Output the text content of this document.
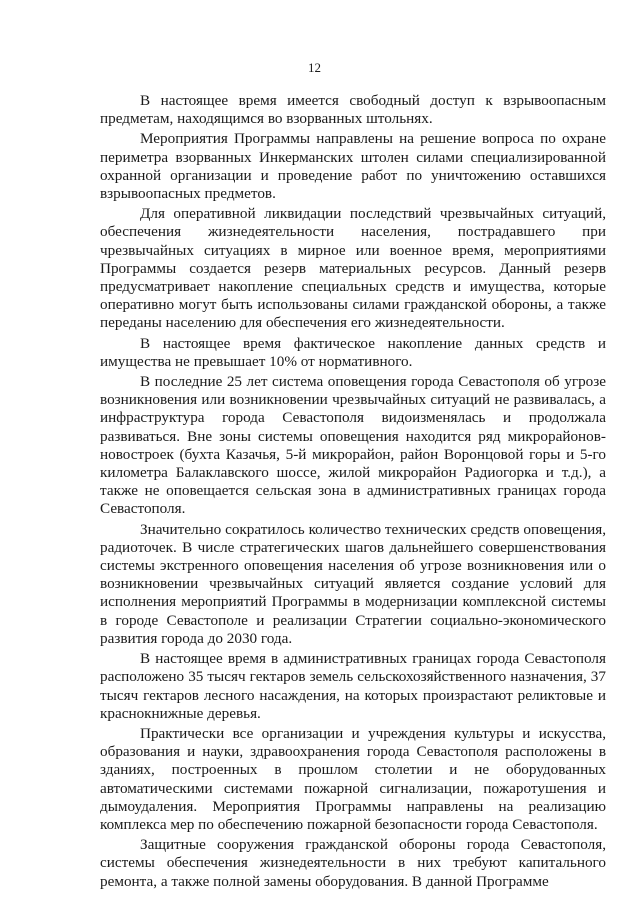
12

В настоящее время имеется свободный доступ к взрывоопасным предметам, находящимся во взорванных штольнях.

Мероприятия Программы направлены на решение вопроса по охране периметра взорванных Инкерманских штолен силами специализированной охранной организации и проведение работ по уничтожению оставшихся взрывоопасных предметов.

Для оперативной ликвидации последствий чрезвычайных ситуаций, обеспечения жизнедеятельности населения, пострадавшего при чрезвычайных ситуациях в мирное или военное время, мероприятиями Программы создается резерв материальных ресурсов. Данный резерв предусматривает накопление специальных средств и имущества, которые оперативно могут быть использованы силами гражданской обороны, а также переданы населению для обеспечения его жизнедеятельности.

В настоящее время фактическое накопление данных средств и имущества не превышает 10% от нормативного.

В последние 25 лет система оповещения города Севастополя об угрозе возникновения или возникновении чрезвычайных ситуаций не развивалась, а инфраструктура города Севастополя видоизменялась и продолжала развиваться. Вне зоны системы оповещения находится ряд микрорайонов-новостроек (бухта Казачья, 5-й микрорайон, район Воронцовой горы и 5-го километра Балаклавского шоссе, жилой микрорайон Радиогорка и т.д.), а также не оповещается сельская зона в административных границах города Севастополя.

Значительно сократилось количество технических средств оповещения, радиоточек. В числе стратегических шагов дальнейшего совершенствования системы экстренного оповещения населения об угрозе возникновения или о возникновении чрезвычайных ситуаций является создание условий для исполнения мероприятий Программы в модернизации комплексной системы в городе Севастополе и реализации Стратегии социально-экономического развития города до 2030 года.

В настоящее время в административных границах города Севастополя расположено 35 тысяч гектаров земель сельскохозяйственного назначения, 37 тысяч гектаров лесного насаждения, на которых произрастают реликтовые и краснокнижные деревья.

Практически все организации и учреждения культуры и искусства, образования и науки, здравоохранения города Севастополя расположены в зданиях, построенных в прошлом столетии и не оборудованных автоматическими системами пожарной сигнализации, пожаротушения и дымоудаления. Мероприятия Программы направлены на реализацию комплекса мер по обеспечению пожарной безопасности города Севастополя.

Защитные сооружения гражданской обороны города Севастополя, системы обеспечения жизнедеятельности в них требуют капитального ремонта, а также полной замены оборудования. В данной Программе
